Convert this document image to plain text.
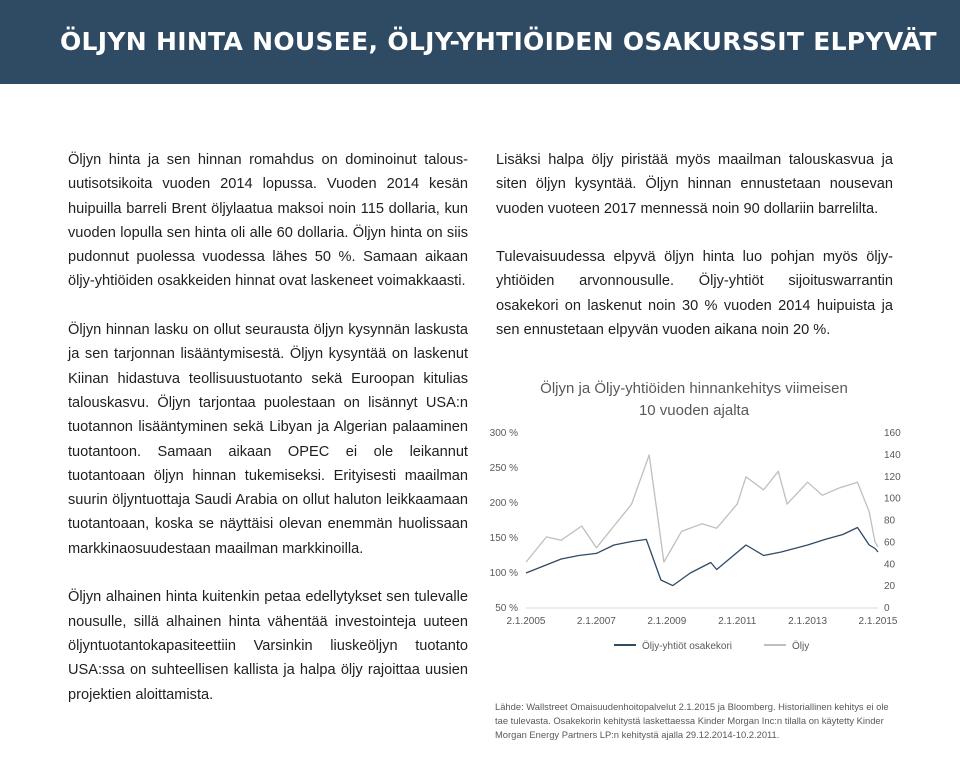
ÖLJYN HINTA NOUSEE, ÖLJY-YHTIÖIDEN OSAKURSSIT ELPYVÄT

Öljyn hinta ja sen hinnan romahdus on dominoinut talous-uutisotsikoita vuoden 2014 lopussa. Vuoden 2014 kesän huipuilla barreli Brent öljylaatua maksoi noin 115 dollaria, kun vuoden lopulla sen hinta oli alle 60 dollaria. Öljyn hinta on siis pudonnut puolessa vuodessa lähes 50 %. Samaan aikaan öljy-yhtiöiden osakkeiden hinnat ovat laskeneet voimakkaasti.

Öljyn hinnan lasku on ollut seurausta öljyn kysynnän laskusta ja sen tarjonnan lisääntymisestä. Öljyn kysyntää on laskenut Kiinan hidastuva teollisuustuotanto sekä Euroopan kitulias talouskasvu. Öljyn tarjontaa puolestaan on lisännyt USA:n tuotannon lisääntyminen sekä Libyan ja Algerian palaaminen tuotantoon. Samaan aikaan OPEC ei ole leikannut tuotantoaan öljyn hinnan tukemiseksi. Erityisesti maailman suurin öljyntuottaja Saudi Arabia on ollut haluton leikkaamaan tuotantoaan, koska se näyttäisi olevan enemmän huolissaan markkinaosuudestaan maailman markkinoilla.

Öljyn alhainen hinta kuitenkin petaa edellytykset sen tulevalle nousulle, sillä alhainen hinta vähentää investointeja uuteen öljyntuotantokapasiteettiin Varsinkin liuskeöljyn tuotanto USA:ssa on suhteellisen kallista ja halpa öljy rajoittaa uusien projektien aloittamista.

Lisäksi halpa öljy piristää myös maailman talouskasvua ja siten öljyn kysyntää. Öljyn hinnan ennustetaan nousevan vuoden vuoteen 2017 mennessä noin 90 dollariin barrelilta.

Tulevaisuudessa elpyvä öljyn hinta luo pohjan myös öljy-yhtiöiden arvonnousulle. Öljy-yhtiöt sijoituswarrantin osakekori on laskenut noin 30 % vuoden 2014 huipuista ja sen ennustetaan elpyvän vuoden aikana noin 20 %.

Öljyn ja Öljy-yhtiöiden hinnankehitys viimeisen
10 vuoden ajalta
2.1.2005	2.1.2007	2.1.2009	2.1.2011	2.1.2013	2.1.2015
50 %
100 %
150 %
200 %
250 %
300 %
0
20
40
60
80
100
120
140
160
Öljy-yhtiöt osakekori	Öljy

Lähde: Wallstreet Omaisuudenhoitopalvelut 2.1.2015 ja Bloomberg. Historiallinen kehitys ei ole tae tulevasta. Osakekorin kehitystä laskettaessa Kinder Morgan Inc:n tilalla on käytetty Kinder Morgan Energy Partners LP:n kehitystä ajalla 29.12.2014-10.2.2011.
